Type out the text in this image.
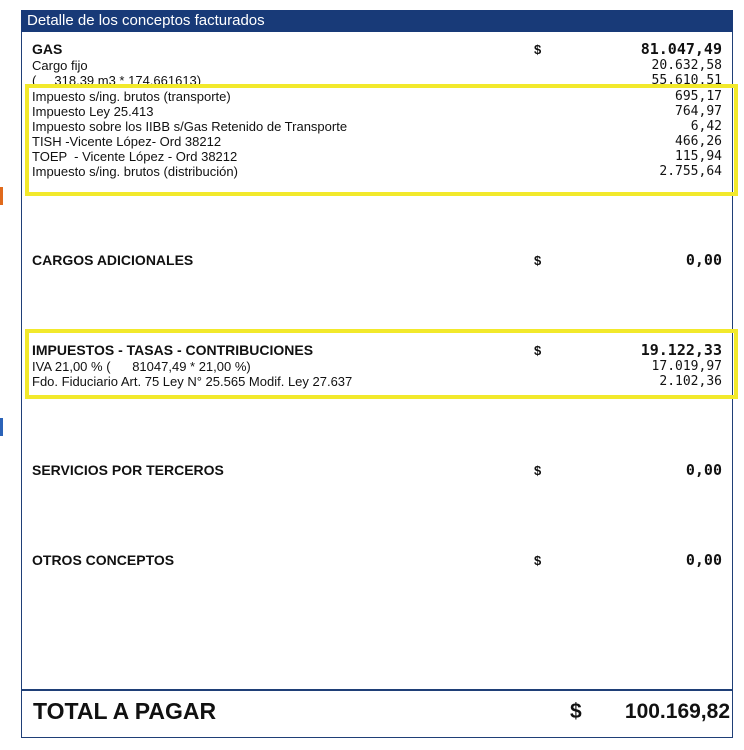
Detalle de los conceptos facturados
GAS	$	81.047,49
Cargo fijo	20.632,58
(     318,39 m3 * 174,661613)	55.610,51
Impuesto s/ing. brutos (transporte)	695,17
Impuesto Ley 25.413	764,97
Impuesto sobre los IIBB s/Gas Retenido de Transporte	6,42
TISH -Vicente López- Ord 38212	466,26
TOEP  - Vicente López - Ord 38212	115,94
Impuesto s/ing. brutos (distribución)	2.755,64
CARGOS ADICIONALES	$	0,00
IMPUESTOS - TASAS - CONTRIBUCIONES	$	19.122,33
IVA 21,00 % (      81047,49 * 21,00 %)	17.019,97
Fdo. Fiduciario Art. 75 Ley N° 25.565 Modif. Ley 27.637	2.102,36
SERVICIOS POR TERCEROS	$	0,00
OTROS CONCEPTOS	$	0,00
TOTAL A PAGAR	$ 100.169,82
